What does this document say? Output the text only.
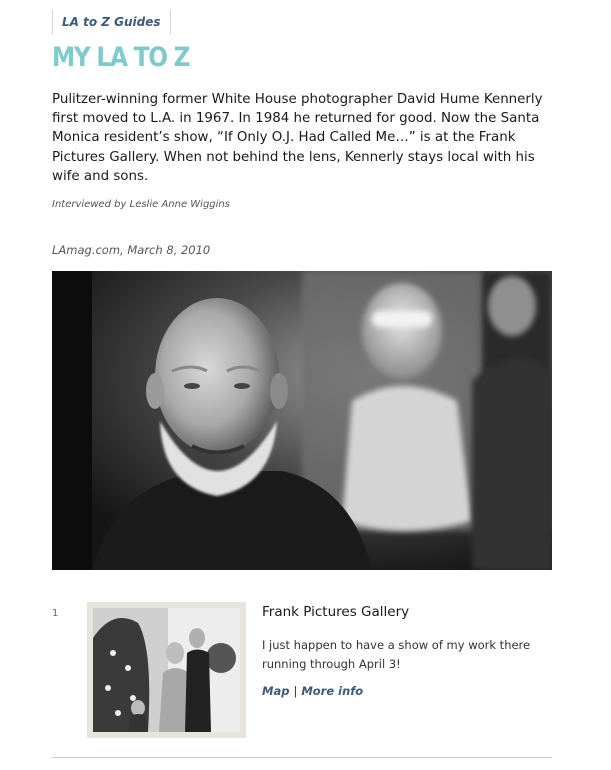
LA to Z Guides
MY LA TO Z

Pulitzer-winning former White House photographer David Hume Kennerly first moved to L.A. in 1967. In 1984 he returned for good. Now the Santa Monica resident’s show, “If Only O.J. Had Called Me…” is at the Frank Pictures Gallery. When not behind the lens, Kennerly stays local with his wife and sons.

Interviewed by Leslie Anne Wiggins

LAmag.com, March 8, 2010

1	Frank Pictures Gallery

I just happen to have a show of my work there running through April 3!

Map | More info
